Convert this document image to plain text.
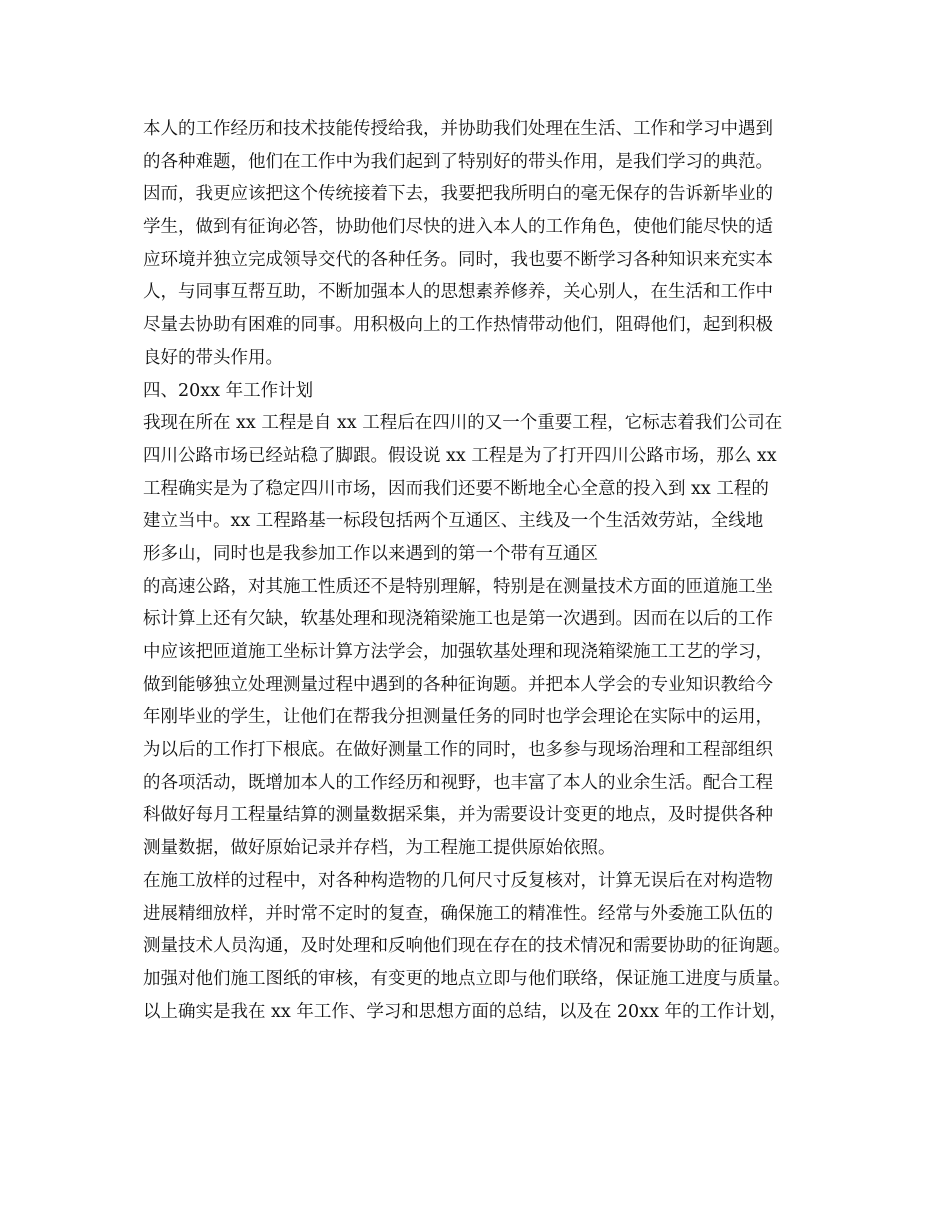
本人的工作经历和技术技能传授给我，并协助我们处理在生活、工作和学习中遇到
的各种难题，他们在工作中为我们起到了特别好的带头作用，是我们学习的典范。
因而，我更应该把这个传统接着下去，我要把我所明白的毫无保存的告诉新毕业的
学生，做到有征询必答，协助他们尽快的进入本人的工作角色，使他们能尽快的适
应环境并独立完成领导交代的各种任务。同时，我也要不断学习各种知识来充实本
人，与同事互帮互助，不断加强本人的思想素养修养，关心别人，在生活和工作中
尽量去协助有困难的同事。用积极向上的工作热情带动他们，阻碍他们，起到积极
良好的带头作用。
四、20xx 年工作计划
我现在所在 xx 工程是自 xx 工程后在四川的又一个重要工程，它标志着我们公司在
四川公路市场已经站稳了脚跟。假设说 xx 工程是为了打开四川公路市场，那么 xx
工程确实是为了稳定四川市场，因而我们还要不断地全心全意的投入到 xx 工程的
建立当中。xx 工程路基一标段包括两个互通区、主线及一个生活效劳站，全线地
形多山，同时也是我参加工作以来遇到的第一个带有互通区
的高速公路，对其施工性质还不是特别理解，特别是在测量技术方面的匝道施工坐
标计算上还有欠缺，软基处理和现浇箱梁施工也是第一次遇到。因而在以后的工作
中应该把匝道施工坐标计算方法学会，加强软基处理和现浇箱梁施工工艺的学习，
做到能够独立处理测量过程中遇到的各种征询题。并把本人学会的专业知识教给今
年刚毕业的学生，让他们在帮我分担测量任务的同时也学会理论在实际中的运用，
为以后的工作打下根底。在做好测量工作的同时，也多参与现场治理和工程部组织
的各项活动，既增加本人的工作经历和视野，也丰富了本人的业余生活。配合工程
科做好每月工程量结算的测量数据采集，并为需要设计变更的地点，及时提供各种
测量数据，做好原始记录并存档，为工程施工提供原始依照。
在施工放样的过程中，对各种构造物的几何尺寸反复核对，计算无误后在对构造物
进展精细放样，并时常不定时的复查，确保施工的精准性。经常与外委施工队伍的
测量技术人员沟通，及时处理和反响他们现在存在的技术情况和需要协助的征询题。
加强对他们施工图纸的审核，有变更的地点立即与他们联络，保证施工进度与质量。
以上确实是我在 xx 年工作、学习和思想方面的总结，以及在 20xx 年的工作计划，
